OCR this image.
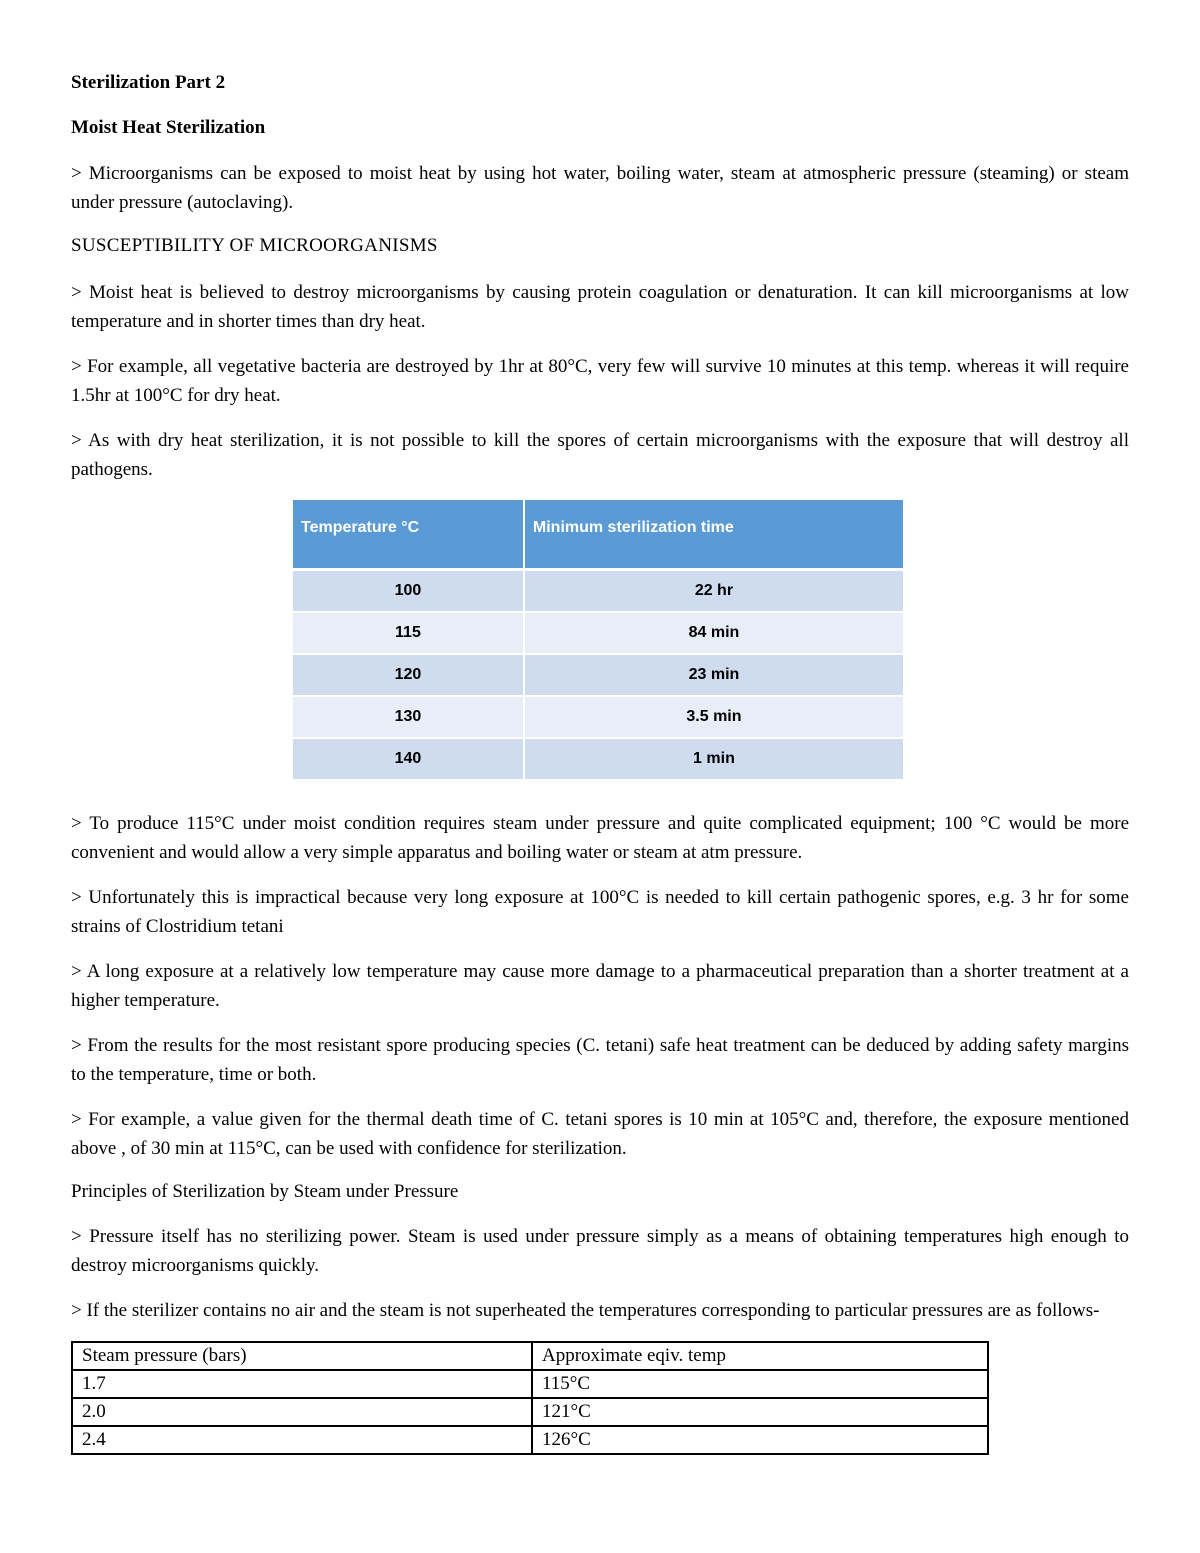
Sterilization Part 2

Moist Heat Sterilization

> Microorganisms can be exposed to moist heat by using hot water, boiling water, steam at atmospheric pressure (steaming) or steam under pressure (autoclaving).

SUSCEPTIBILITY OF MICROORGANISMS

> Moist heat is believed to destroy microorganisms by causing protein coagulation or denaturation. It can kill microorganisms at low temperature and in shorter times than dry heat.

> For example, all vegetative bacteria are destroyed by 1hr at 80°C, very few will survive 10 minutes at this temp. whereas it will require 1.5hr at 100°C for dry heat.

> As with dry heat sterilization, it is not possible to kill the spores of certain microorganisms with the exposure that will destroy all pathogens.

Temperature °C	Minimum sterilization time
100	22 hr
115	84 min
120	23 min
130	3.5 min
140	1 min

> To produce 115°C under moist condition requires steam under pressure and quite complicated equipment; 100 °C would be more convenient and would allow a very simple apparatus and boiling water or steam at atm pressure.

> Unfortunately this is impractical because very long exposure at 100°C is needed to kill certain pathogenic spores, e.g. 3 hr for some strains of Clostridium tetani

> A long exposure at a relatively low temperature may cause more damage to a pharmaceutical preparation than a shorter treatment at a higher temperature.

> From the results for the most resistant spore producing species (C. tetani) safe heat treatment can be deduced by adding safety margins to the temperature, time or both.

> For example, a value given for the thermal death time of C. tetani spores is 10 min at 105°C and, therefore, the exposure mentioned above , of 30 min at 115°C, can be used with confidence for sterilization.

Principles of Sterilization by Steam under Pressure

> Pressure itself has no sterilizing power. Steam is used under pressure simply as a means of obtaining temperatures high enough to destroy microorganisms quickly.

> If the sterilizer contains no air and the steam is not superheated the temperatures corresponding to particular pressures are as follows-

Steam pressure (bars)	Approximate eqiv. temp
1.7	115°C
2.0	121°C
2.4	126°C
